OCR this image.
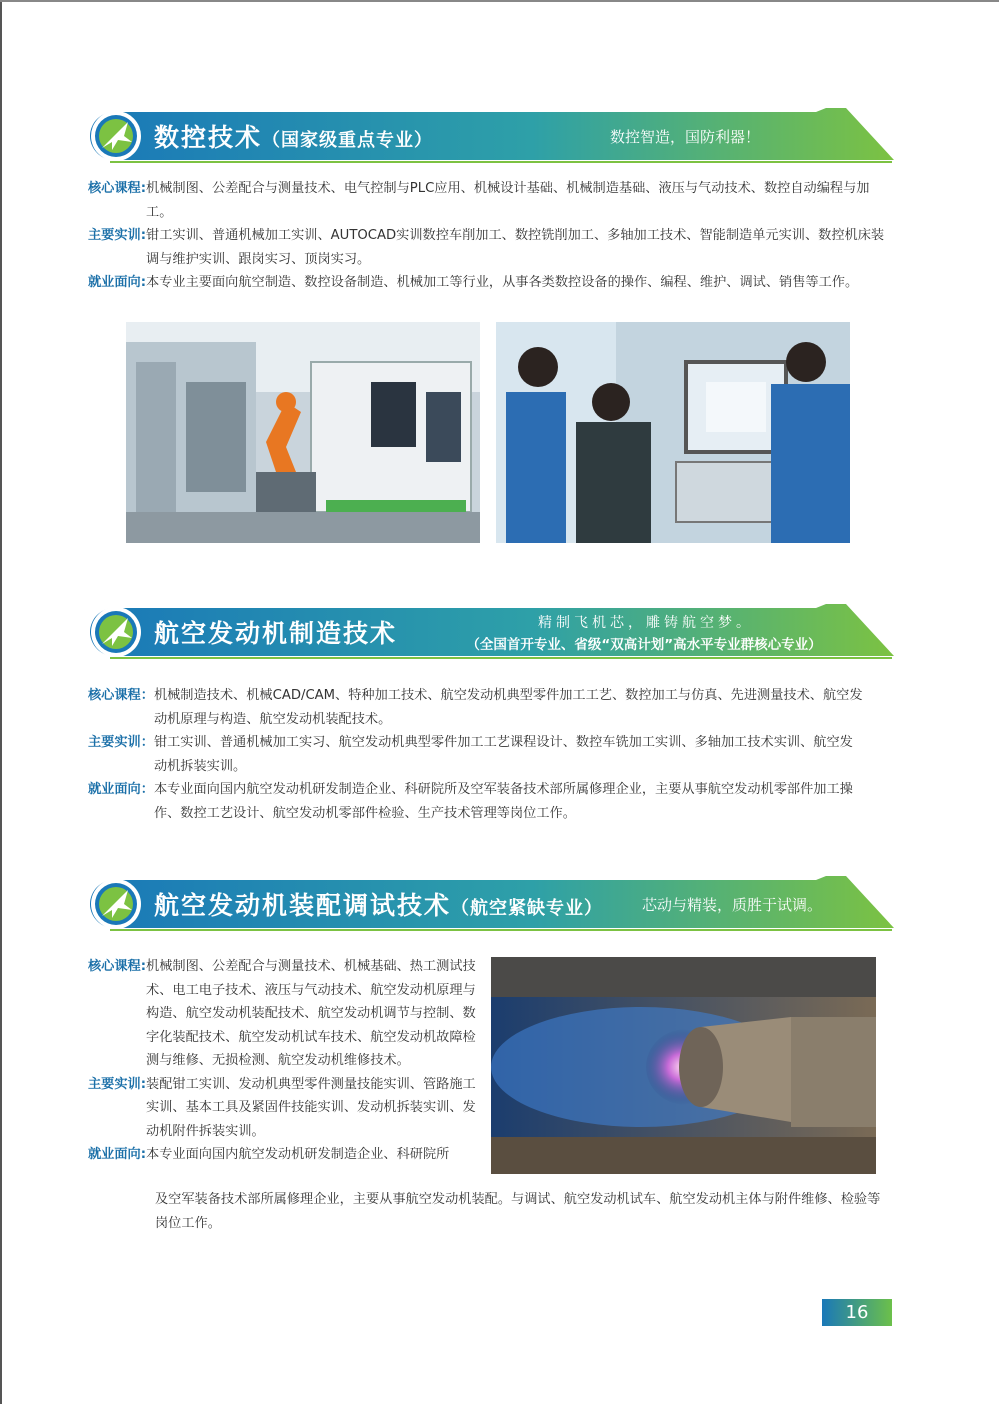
数控技术（国家级重点专业）	数控智造，国防利器！
核心课程: 机械制图、公差配合与测量技术、电气控制与PLC应用、机械设计基础、机械制造基础、液压与气动技术、数控自动编程与加工。
主要实训: 钳工实训、普通机械加工实训、AUTOCAD实训数控车削加工、数控铣削加工、多轴加工技术、智能制造单元实训、数控机床装调与维护实训、跟岗实习、顶岗实习。
就业面向: 本专业主要面向航空制造、数控设备制造、机械加工等行业，从事各类数控设备的操作、编程、维护、调试、销售等工作。
航空发动机制造技术	精制飞机芯，雕铸航空梦。
（全国首开专业、省级“双高计划”高水平专业群核心专业）
核心课程： 机械制造技术、机械CAD/CAM、特种加工技术、航空发动机典型零件加工工艺、数控加工与仿真、先进测量技术、航空发动机原理与构造、航空发动机装配技术。
主要实训： 钳工实训、普通机械加工实习、航空发动机典型零件加工工艺课程设计、数控车铣加工实训、多轴加工技术实训、航空发动机拆装实训。
就业面向： 本专业面向国内航空发动机研发制造企业、科研院所及空军装备技术部所属修理企业，主要从事航空发动机零部件加工操作、数控工艺设计、航空发动机零部件检验、生产技术管理等岗位工作。
航空发动机装配调试技术（航空紧缺专业）	芯动与精装，质胜于试调。
核心课程: 机械制图、公差配合与测量技术、机械基础、热工测试技术、电工电子技术、液压与气动技术、航空发动机原理与构造、航空发动机装配技术、航空发动机调节与控制、数字化装配技术、航空发动机试车技术、航空发动机故障检测与维修、无损检测、航空发动机维修技术。
主要实训: 装配钳工实训、发动机典型零件测量技能实训、管路施工实训、基本工具及紧固件技能实训、发动机拆装实训、发动机附件拆装实训。
就业面向: 本专业面向国内航空发动机研发制造企业、科研院所
及空军装备技术部所属修理企业，主要从事航空发动机装配。与调试、航空发动机试车、航空发动机主体与附件维修、检验等岗位工作。
16
